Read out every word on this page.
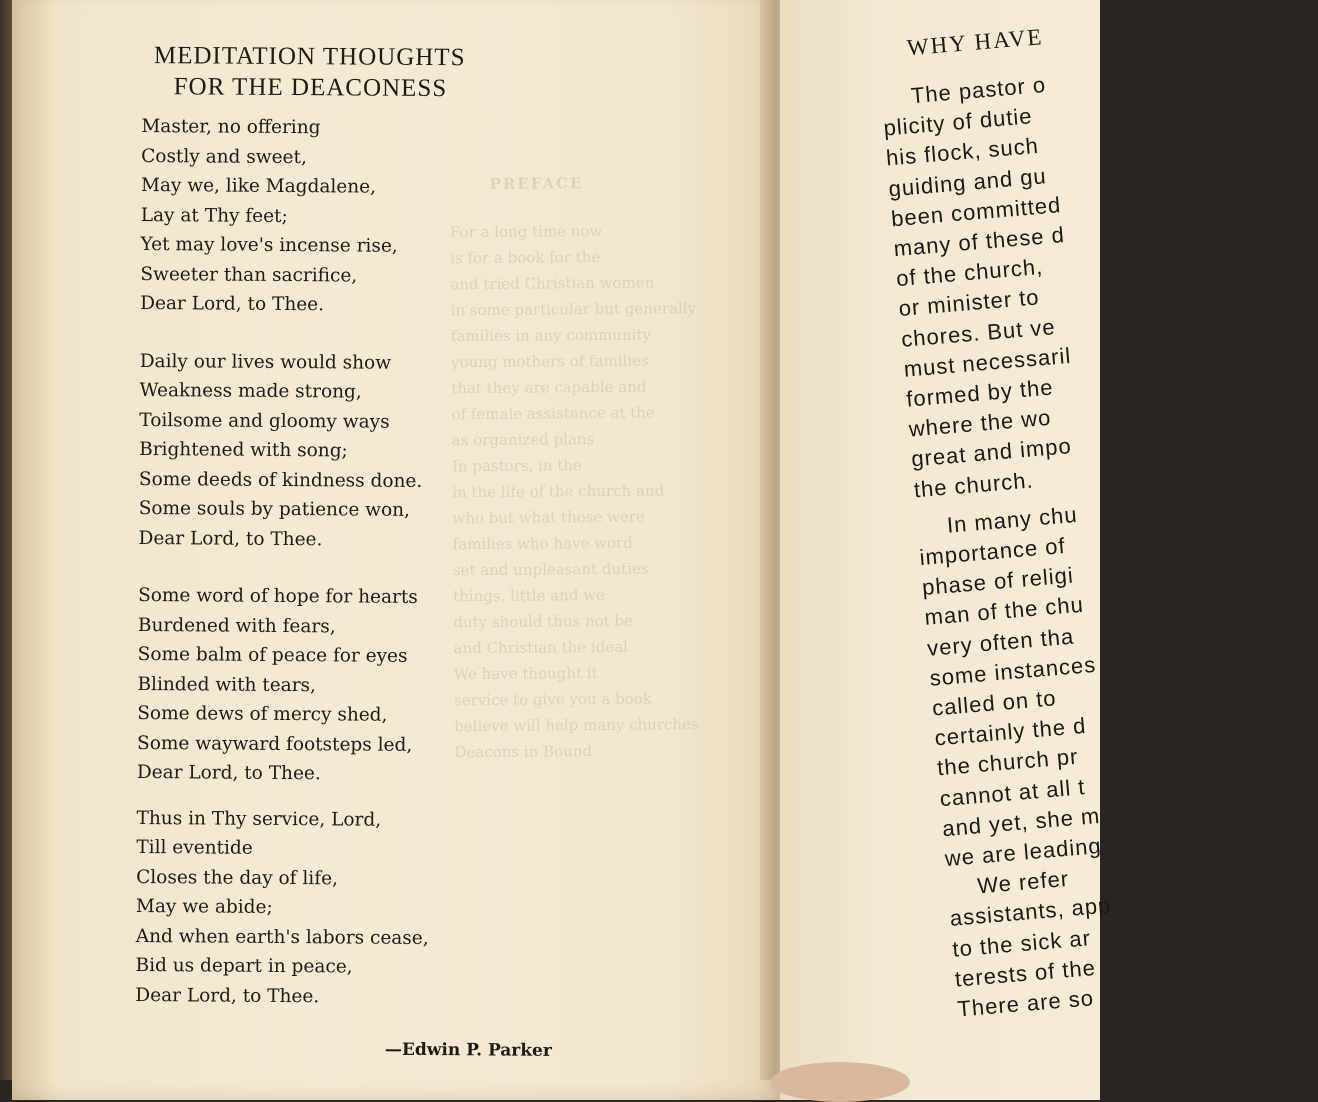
PREFACE
For a long time now
is for a book for the
and tried Christian women
in some particular but generally
families in any community
young mothers of families
that they are capable and
of female assistance at the
as organized plans
In pastors, in the
in the life of the church and
who but what those were
families who have word
set and unpleasant duties
things, little and we
duty should thus not be
and Christian the ideal
We have thought it
service to give you a book
believe will help many churches
Deacons in Bound
MEDITATION THOUGHTS
FOR THE DEACONESS
Master, no offering
Costly and sweet,
May we, like Magdalene,
Lay at Thy feet;
Yet may love's incense rise,
Sweeter than sacrifice,
Dear Lord, to Thee.
Daily our lives would show
Weakness made strong,
Toilsome and gloomy ways
Brightened with song;
Some deeds of kindness done.
Some souls by patience won,
Dear Lord, to Thee.
Some word of hope for hearts
Burdened with fears,
Some balm of peace for eyes
Blinded with tears,
Some dews of mercy shed,
Some wayward footsteps led,
Dear Lord, to Thee.
Thus in Thy service, Lord,
Till eventide
Closes the day of life,
May we abide;
And when earth's labors cease,
Bid us depart in peace,
Dear Lord, to Thee.
—Edwin P. Parker
WHY HAVE
The pastor o
plicity of dutie
his flock, such
guiding and gu
been committed
many of these d
of the church,
or minister to
chores. But ve
must necessaril
formed by the
where the wo
great and impo
the church.
In many chu
importance of
phase of religi
man of the chu
very often tha
some instances
called on to
certainly the d
the church pr
cannot at all t
and yet, she m
we are leading
We refer
assistants, app
to the sick ar
terests of the
There are so
